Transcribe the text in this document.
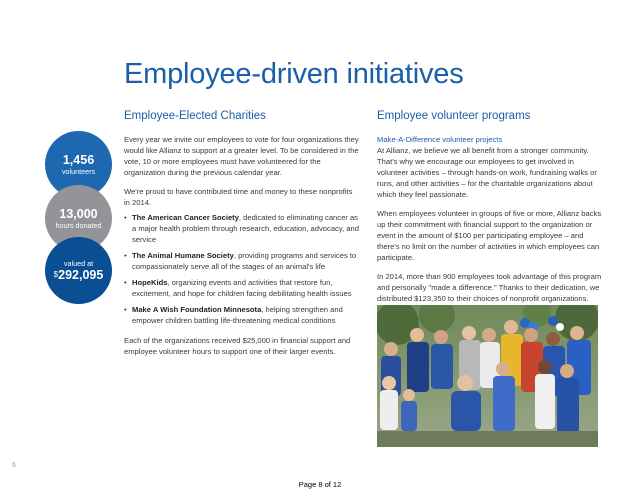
Employee-driven initiatives
1,456
volunteers
13,000
hours donated
valued at
$292,095
Employee-Elected Charities

Every year we invite our employees to vote for four organizations they would like Allianz to support at a greater level. To be considered in the vote, 10 or more employees must have volunteered for the organization during the previous calendar year.

We're proud to have contributed time and money to these nonprofits in 2014.

• The American Cancer Society, dedicated to eliminating cancer as a major health problem through research, education, advocacy, and service
• The Animal Humane Society, providing programs and services to compassionately serve all of the stages of an animal's life
• HopeKids, organizing events and activities that restore fun, excitement, and hope for children facing debilitating health issues
• Make A Wish Foundation Minnesota, helping strengthen and empower children battling life-threatening medical conditions

Each of the organizations received $25,000 in financial support and employee volunteer hours to support one of their larger events.

Employee volunteer programs

Make-A-Difference volunteer projects

At Allianz, we believe we all benefit from a stronger community. That's why we encourage our employees to get involved in volunteer activities – through hands-on work, fundraising walks or runs, and other activities – for the charitable organizations about which they feel passionate.

When employees volunteer in groups of five or more, Allianz backs up their commitment with financial support to the organization or event in the amount of $100 per participating employee – and there's no limit on the number of activities in which employees can participate.

In 2014, more than 900 employees took advantage of this program and personally "made a difference." Thanks to their dedication, we distributed $123,350 to their choices of nonprofit organizations.

6
Page 8 of 12
